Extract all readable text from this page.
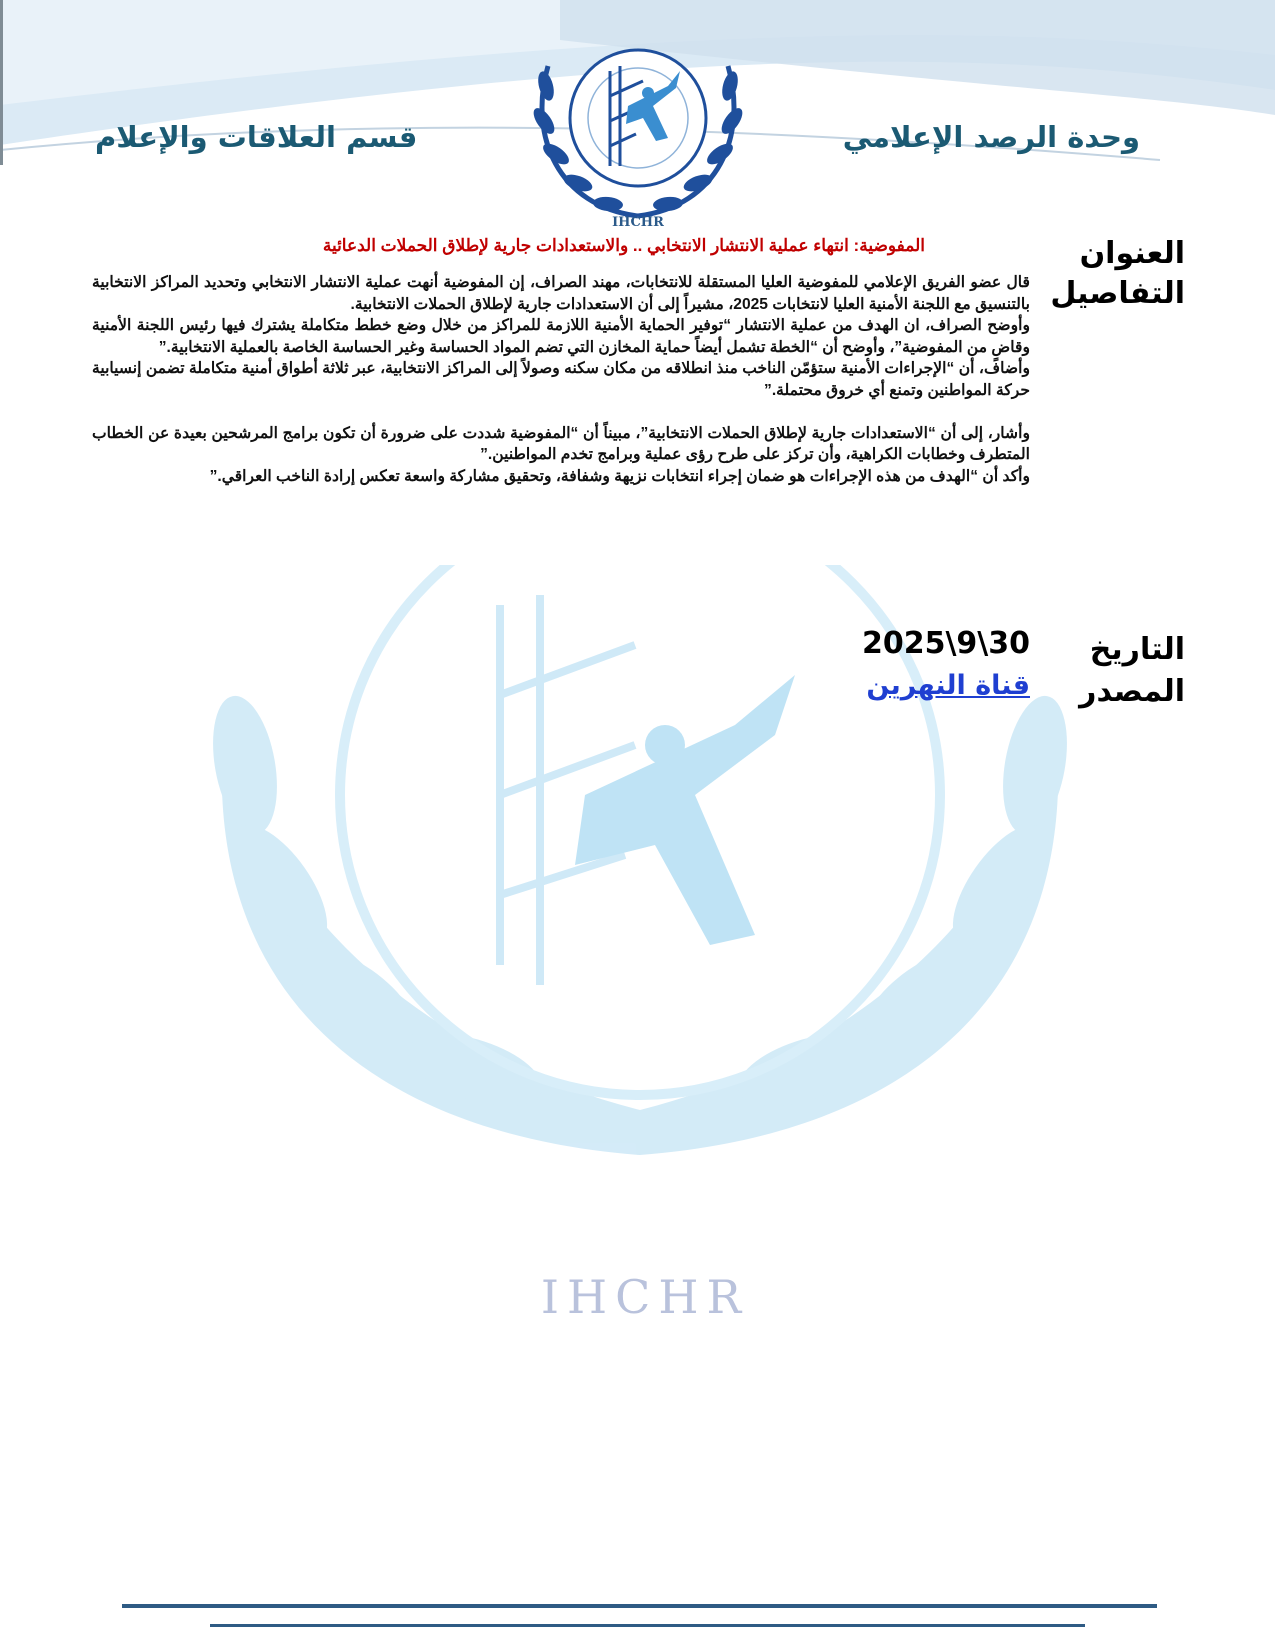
وحدة الرصد الإعلامي
قسم العلاقات والإعلام
IHCHR
IHCHR
العنوان
التفاصيل
التاريخ
المصدر
المفوضية: انتهاء عملية الانتشار الانتخابي .. والاستعدادات جارية لإطلاق الحملات الدعائية

قال عضو الفريق الإعلامي للمفوضية العليا المستقلة للانتخابات، مهند الصراف، إن المفوضية أنهت عملية الانتشار الانتخابي وتحديد المراكز الانتخابية بالتنسيق مع اللجنة الأمنية العليا لانتخابات 2025، مشيراً إلى أن الاستعدادات جارية لإطلاق الحملات الانتخابية.

وأوضح الصراف، ان الهدف من عملية الانتشار “توفير الحماية الأمنية اللازمة للمراكز من خلال وضع خطط متكاملة يشترك فيها رئيس اللجنة الأمنية وقاضٍ من المفوضية”، وأوضح أن “الخطة تشمل أيضاً حماية المخازن التي تضم المواد الحساسة وغير الحساسة الخاصة بالعملية الانتخابية.”

وأضاف، أن “الإجراءات الأمنية ستؤمّن الناخب منذ انطلاقه من مكان سكنه وصولاً إلى المراكز الانتخابية، عبر ثلاثة أطواق أمنية متكاملة تضمن إنسيابية حركة المواطنين وتمنع أي خروق محتملة.”

وأشار، إلى أن “الاستعدادات جارية لإطلاق الحملات الانتخابية”، مبيناً أن “المفوضية شددت على ضرورة أن تكون برامج المرشحين بعيدة عن الخطاب المتطرف وخطابات الكراهية، وأن تركز على طرح رؤى عملية وبرامج تخدم المواطنين.”

وأكد أن “الهدف من هذه الإجراءات هو ضمان إجراء انتخابات نزيهة وشفافة، وتحقيق مشاركة واسعة تعكس إرادة الناخب العراقي.”

2025\9\30
قناة النهرين
